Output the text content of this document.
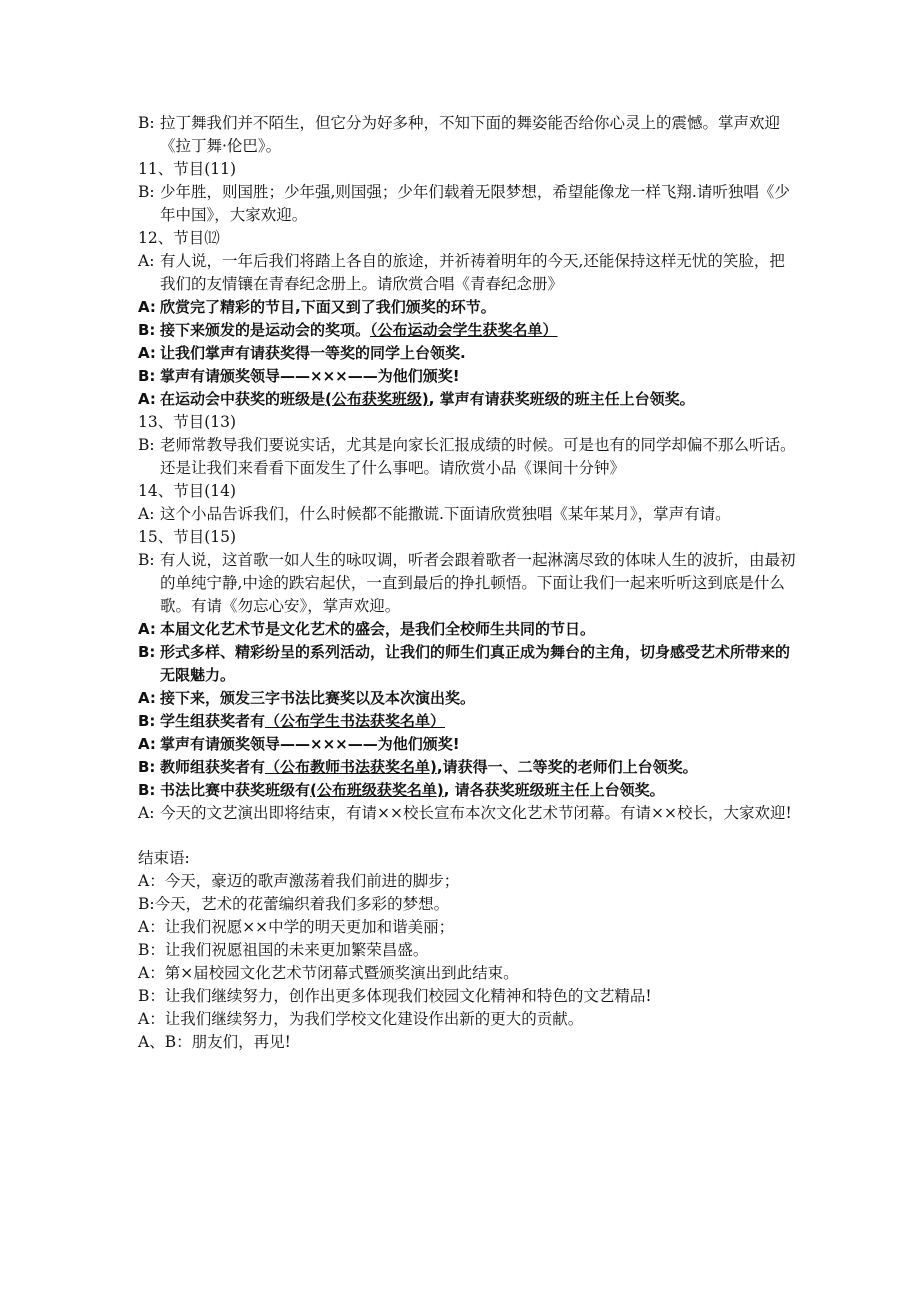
B: 拉丁舞我们并不陌生，但它分为好多种，不知下面的舞姿能否给你心灵上的震憾。掌声欢迎《拉丁舞·伦巴》。
11、节目(11)
B: 少年胜，则国胜；少年强,则国强；少年们载着无限梦想，希望能像龙一样飞翔.请听独唱《少年中国》，大家欢迎。
12、节目⑿
A: 有人说，一年后我们将踏上各自的旅途，并祈祷着明年的今天,还能保持这样无忧的笑脸，把我们的友情镶在青春纪念册上。请欣赏合唱《青春纪念册》
A: 欣赏完了精彩的节目,下面又到了我们颁奖的环节。
B: 接下来颁发的是运动会的奖项。（公布运动会学生获奖名单）
A: 让我们掌声有请获奖得一等奖的同学上台领奖.
B: 掌声有请颁奖领导——×××——为他们颁奖!
A: 在运动会中获奖的班级是(公布获奖班级), 掌声有请获奖班级的班主任上台领奖。
13、节目(13)
B: 老师常教导我们要说实话，尤其是向家长汇报成绩的时候。可是也有的同学却偏不那么听话。还是让我们来看看下面发生了什么事吧。请欣赏小品《课间十分钟》
14、节目(14)
A: 这个小品告诉我们，什么时候都不能撒谎.下面请欣赏独唱《某年某月》，掌声有请。
15、节目(15)
B: 有人说，这首歌一如人生的咏叹调，听者会跟着歌者一起淋漓尽致的体味人生的波折，由最初的单纯宁静,中途的跌宕起伏，一直到最后的挣扎顿悟。下面让我们一起来听听这到底是什么歌。有请《勿忘心安》，掌声欢迎。
A: 本届文化艺术节是文化艺术的盛会，是我们全校师生共同的节日。
B: 形式多样、精彩纷呈的系列活动，让我们的师生们真正成为舞台的主角，切身感受艺术所带来的无限魅力。
A: 接下来，颁发三字书法比赛奖以及本次演出奖。
B: 学生组获奖者有（公布学生书法获奖名单）
A: 掌声有请颁奖领导——×××——为他们颁奖!
B: 教师组获奖者有（公布教师书法获奖名单),请获得一、二等奖的老师们上台领奖。
B: 书法比赛中获奖班级有(公布班级获奖名单), 请各获奖班级班主任上台领奖。
A: 今天的文艺演出即将结束，有请××校长宣布本次文化艺术节闭幕。有请××校长，大家欢迎!
结束语:
A：今天，豪迈的歌声激荡着我们前进的脚步；
B:今天，艺术的花蕾编织着我们多彩的梦想。
A：让我们祝愿××中学的明天更加和谐美丽；
B：让我们祝愿祖国的未来更加繁荣昌盛。
A：第×届校园文化艺术节闭幕式暨颁奖演出到此结束。
B：让我们继续努力，创作出更多体现我们校园文化精神和特色的文艺精品!
A：让我们继续努力，为我们学校文化建设作出新的更大的贡献。
A、B：朋友们，再见!
